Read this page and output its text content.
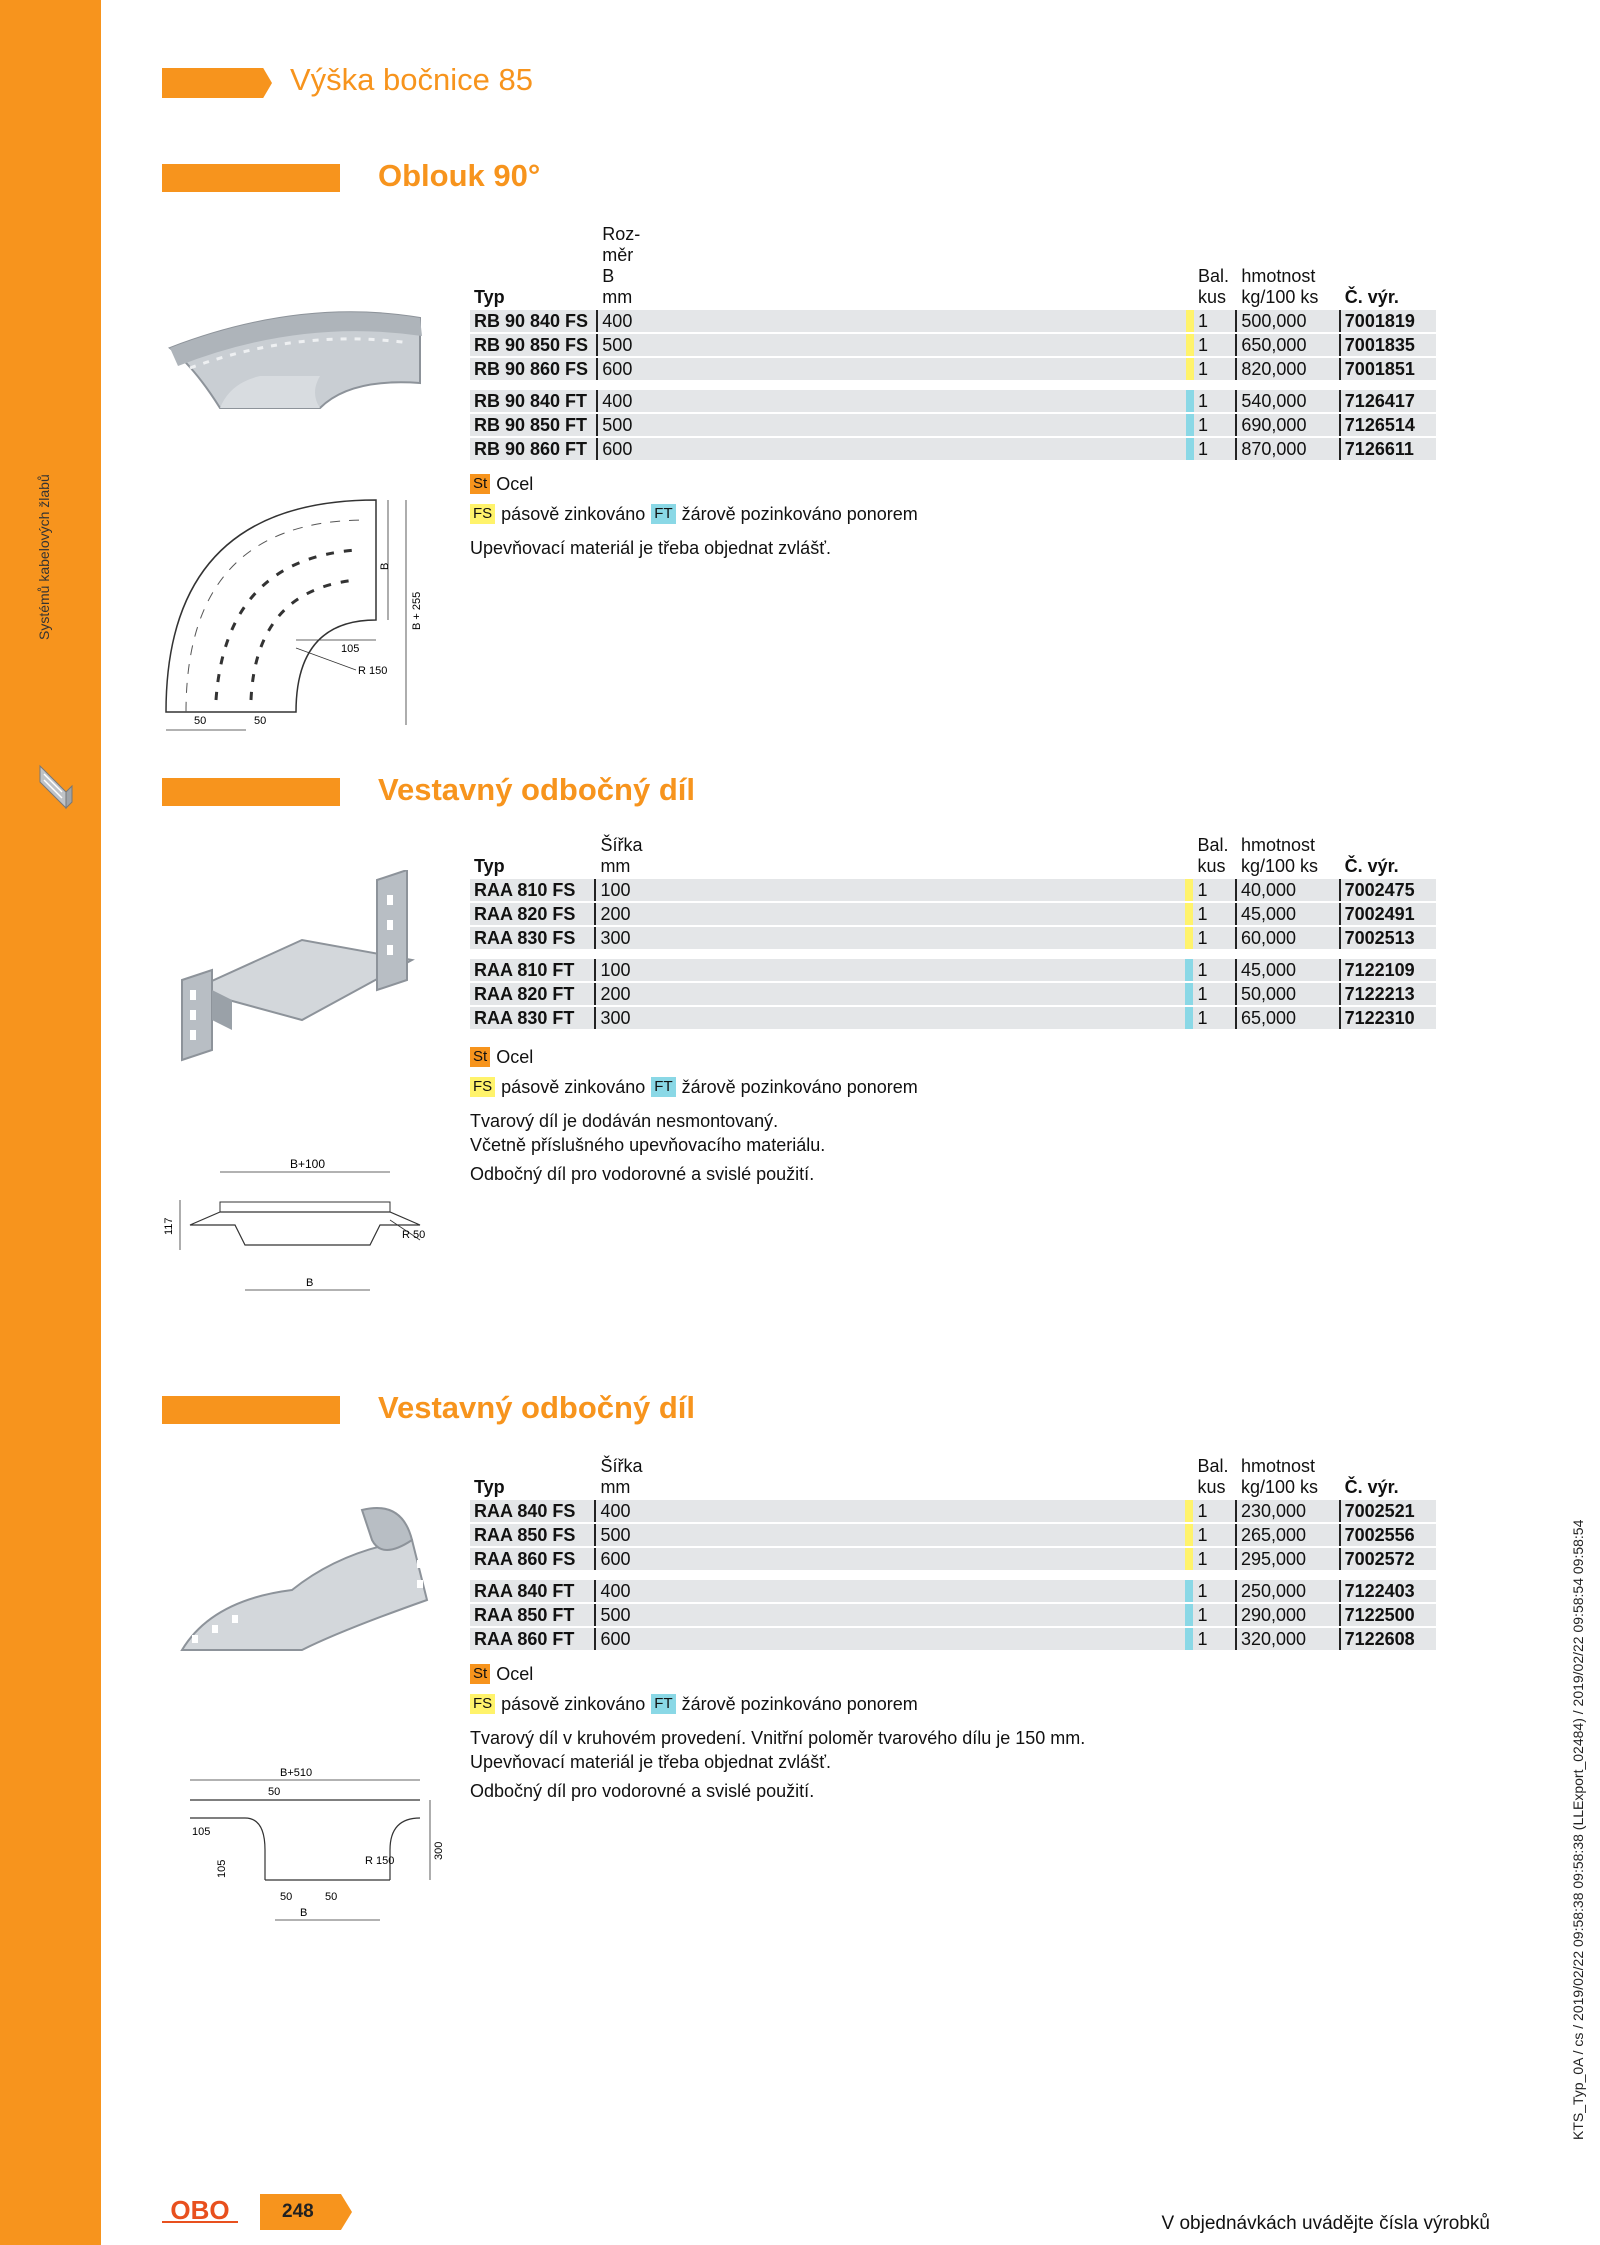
Systémů kabelových žlabů
Výška bočnice 85
Oblouk 90°
105
R 150
50	50
B
B + 255
Typ	Roz-
měr
B
mm		Bal.
kus	hmotnost
kg/100 ks	Č. výr.
RB 90 840 FS	400		1	500,000	7001819
RB 90 850 FS	500		1	650,000	7001835
RB 90 860 FS	600		1	820,000	7001851

RB 90 840 FT	400		1	540,000	7126417
RB 90 850 FT	500		1	690,000	7126514
RB 90 860 FT	600		1	870,000	7126611
St Ocel
FS pásově zinkováno FT žárově pozinkováno ponorem
Upevňovací materiál je třeba objednat zvlášť.
Vestavný odbočný díl
B+100
117	R 50
B
Typ	Šířka
mm		Bal.
kus	hmotnost
kg/100 ks	Č. výr.
RAA 810 FS	100		1	40,000	7002475
RAA 820 FS	200		1	45,000	7002491
RAA 830 FS	300		1	60,000	7002513

RAA 810 FT	100		1	45,000	7122109
RAA 820 FT	200		1	50,000	7122213
RAA 830 FT	300		1	65,000	7122310
St Ocel
FS pásově zinkováno FT žárově pozinkováno ponorem
Tvarový díl je dodáván nesmontovaný.
Včetně příslušného upevňovacího materiálu.
Odbočný díl pro vodorovné a svislé použití.
Vestavný odbočný díl
B+510
50
105
105	R 150
300
50	50
B
Typ	Šířka
mm		Bal.
kus	hmotnost
kg/100 ks	Č. výr.
RAA 840 FS	400		1	230,000	7002521
RAA 850 FS	500		1	265,000	7002556
RAA 860 FS	600		1	295,000	7002572

RAA 840 FT	400		1	250,000	7122403
RAA 850 FT	500		1	290,000	7122500
RAA 860 FT	600		1	320,000	7122608
St Ocel
FS pásově zinkováno FT žárově pozinkováno ponorem
Tvarový díl v kruhovém provedení. Vnitřní poloměr tvarového dílu je 150 mm.
Upevňovací materiál je třeba objednat zvlášť.
Odbočný díl pro vodorovné a svislé použití.
OBO	248
V objednávkách uvádějte čísla výrobků
KTS_Typ_0A / cs / 2019/02/22 09:58:38 09:58:38 (LLExport_02484) / 2019/02/22 09:58:54 09:58:54
